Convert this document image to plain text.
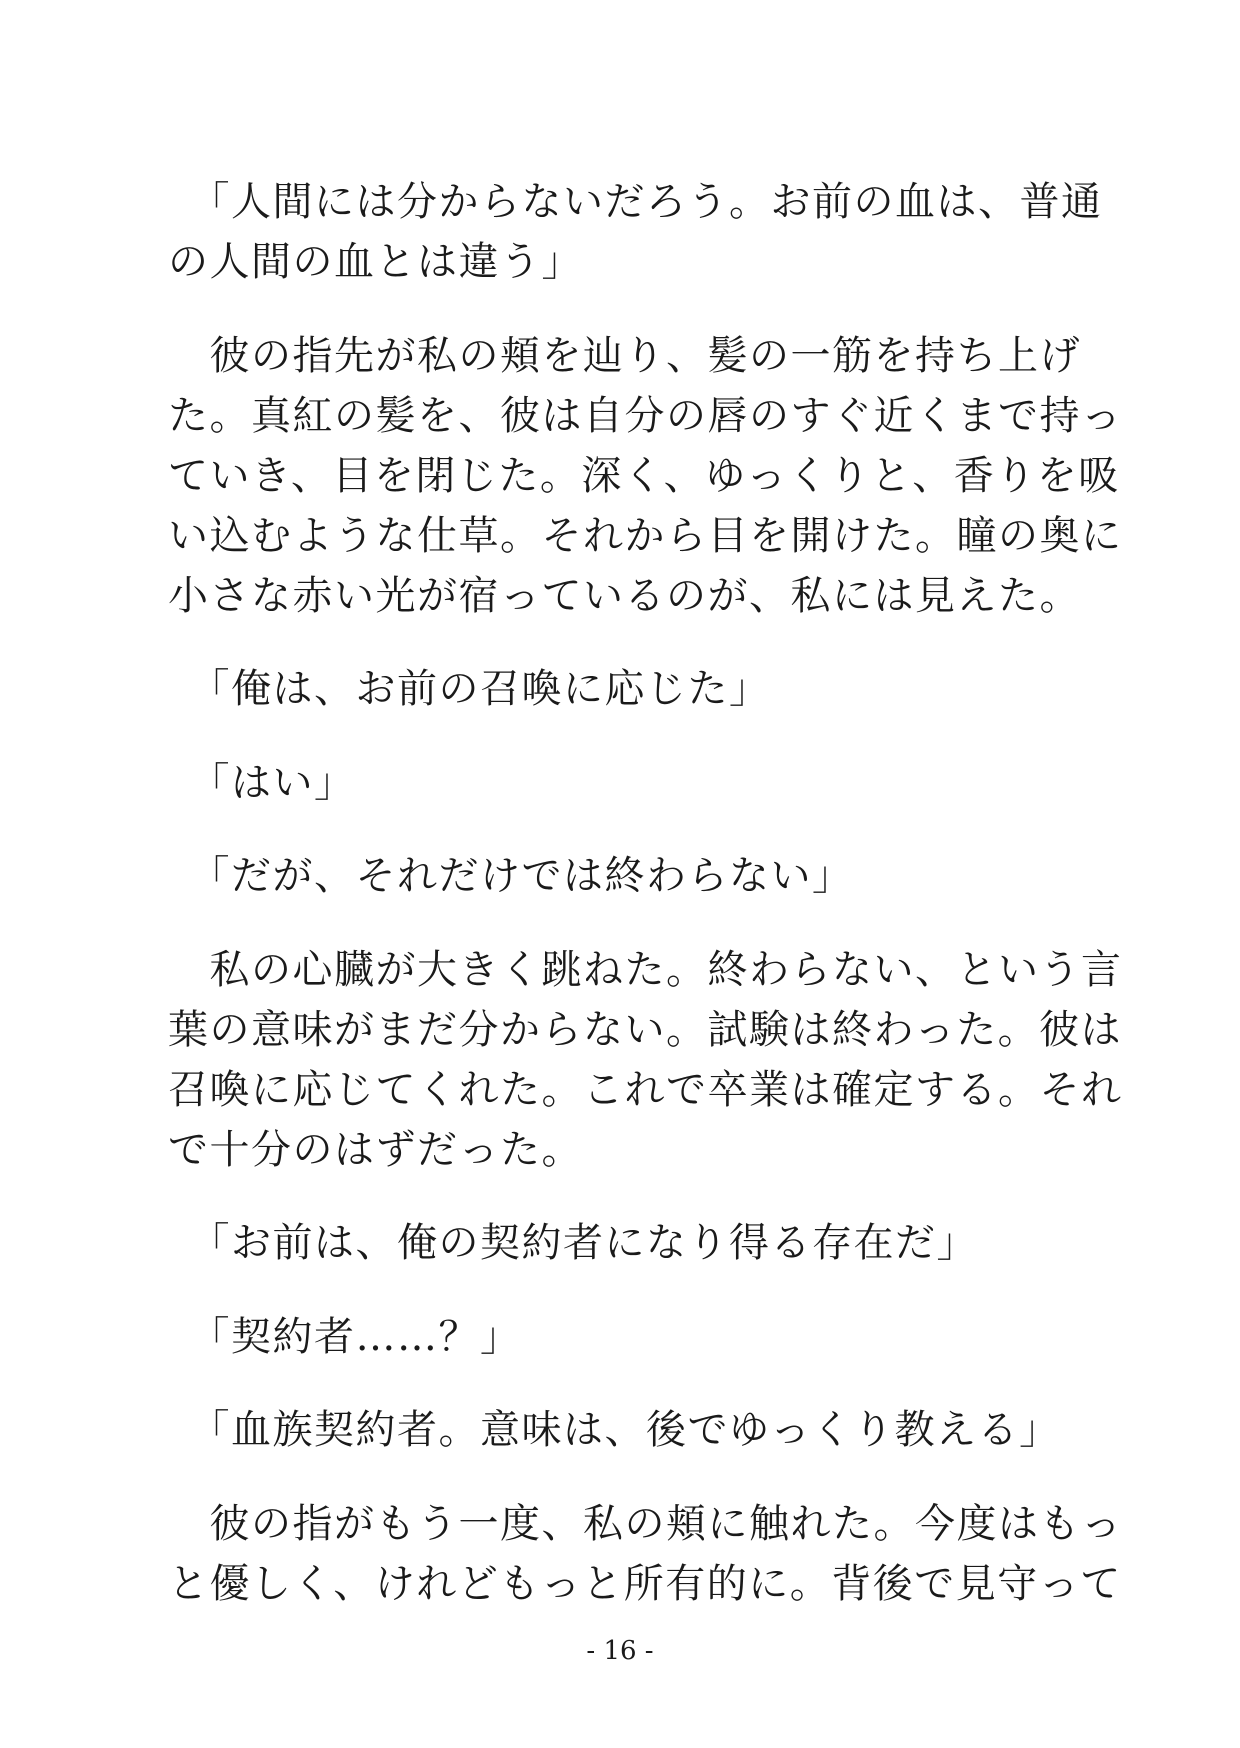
　「人間には分からないだろう。お前の血は、普通
の人間の血とは違う」
　彼の指先が私の頬を辿り、髪の一筋を持ち上げ
た。真紅の髪を、彼は自分の唇のすぐ近くまで持っ
ていき、目を閉じた。深く、ゆっくりと、香りを吸
い込むような仕草。それから目を開けた。瞳の奥に
小さな赤い光が宿っているのが、私には見えた。
　「俺は、お前の召喚に応じた」
　「はい」
　「だが、それだけでは終わらない」
　私の心臓が大きく跳ねた。終わらない、という言
葉の意味がまだ分からない。試験は終わった。彼は
召喚に応じてくれた。これで卒業は確定する。それ
で十分のはずだった。
　「お前は、俺の契約者になり得る存在だ」
　「契約者……？」
　「血族契約者。意味は、後でゆっくり教える」
　彼の指がもう一度、私の頬に触れた。今度はもっ
と優しく、けれどもっと所有的に。背後で見守って
- 16 -
